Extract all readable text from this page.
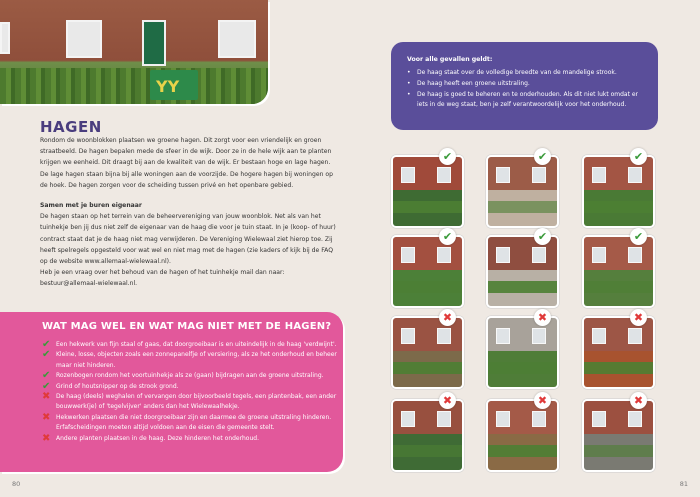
YY
HAGEN

Rondom de woonblokken plaatsen we groene hagen. Dit zorgt voor een vriendelijk en groen straatbeeld. De hagen bepalen mede de sfeer in de wijk. Door ze in de hele wijk aan te planten krijgen we eenheid. Dit draagt bij aan de kwaliteit van de wijk. Er bestaan hoge en lage hagen. De lage hagen staan bijna bij alle woningen aan de voorzijde. De hogere hagen bij woningen op de hoek. De hagen zorgen voor de scheiding tussen privé en het openbare gebied.

Samen met je buren eigenaar

De hagen staan op het terrein van de beheervereniging van jouw woonblok. Net als van het tuinhekje ben jij dus niet zelf de eigenaar van de haag die voor je tuin staat. In je (koop- of huur) contract staat dat je de haag niet mag verwijderen. De Vereniging Wielewaal ziet hierop toe. Zij heeft spelregels opgesteld voor wat wel en niet mag met de hagen (zie kaders of kijk bij de FAQ op de website www.allemaal-wielewaal.nl).

Heb je een vraag over het behoud van de hagen of het tuinhekje mail dan naar: bestuur@allemaal-wielewaal.nl.

WAT MAG WEL EN WAT MAG NIET MET DE HAGEN?
✔ Een hekwerk van fijn staal of gaas, dat doorgroeibaar is en uiteindelijk in de haag 'verdwijnt'.
✔ Kleine, losse, objecten zoals een zonnepanelfje of versiering, als ze het onderhoud en beheer maar niet hinderen.
✔ Rozenbogen rondom het voortuinhekje als ze (gaan) bijdragen aan de groene uitstraling.
✔ Grind of houtsnipper op de strook grond.
✖ De haag (deels) weghalen of vervangen door bijvoorbeeld tegels, een plantenbak, een ander bouwwerk(je) of 'tegelvijver' anders dan het Wielewaalhekje.
✖ Hekwerken plaatsen die niet doorgroeibaar zijn en daarmee de groene uitstraling hinderen. Erfafscheidingen moeten altijd voldoen aan de eisen die gemeente stelt.
✖ Andere planten plaatsen in de haag. Deze hinderen het onderhoud.
80	81
Voor alle gevallen geldt:
• De haag staat over de volledige breedte van de mandelige strook.
• De haag heeft een groene uitstraling.
• De haag is goed te beheren en te onderhouden. Als dit niet lukt omdat er iets in de weg staat, ben je zelf verantwoordelijk voor het onderhoud.
✔	✔	✔
✔	✔	✔
✖	✖	✖
✖	✖	✖
